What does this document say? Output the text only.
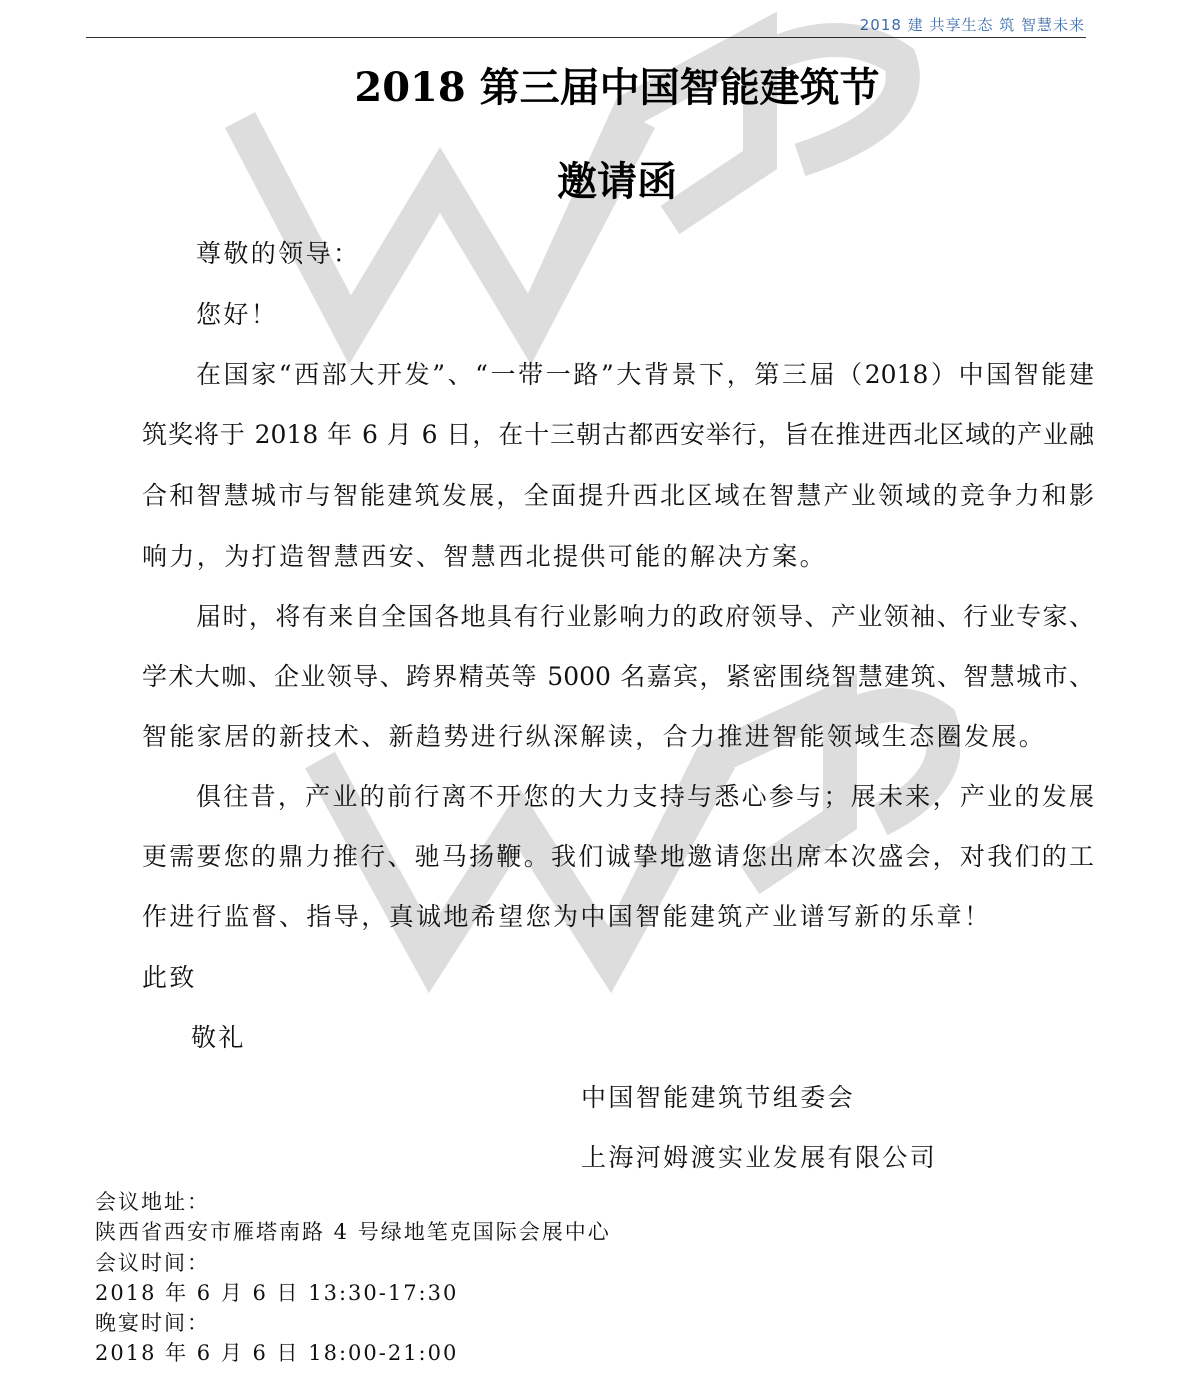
2018 建 共享生态 筑 智慧未来
2018 第三届中国智能建筑节
邀请函
尊敬的领导：
您好！
在国家“西部大开发”、“一带一路”大背景下，第三届（2018）中国智能建
筑奖将于 2018 年 6 月 6 日，在十三朝古都西安举行，旨在推进西北区域的产业融
合和智慧城市与智能建筑发展，全面提升西北区域在智慧产业领域的竞争力和影
响力，为打造智慧西安、智慧西北提供可能的解决方案。
届时，将有来自全国各地具有行业影响力的政府领导、产业领袖、行业专家、
学术大咖、企业领导、跨界精英等 5000 名嘉宾，紧密围绕智慧建筑、智慧城市、
智能家居的新技术、新趋势进行纵深解读，合力推进智能领域生态圈发展。
俱往昔，产业的前行离不开您的大力支持与悉心参与；展未来，产业的发展
更需要您的鼎力推行、驰马扬鞭。我们诚挚地邀请您出席本次盛会，对我们的工
作进行监督、指导，真诚地希望您为中国智能建筑产业谱写新的乐章！
此致
敬礼
中国智能建筑节组委会
上海河姆渡实业发展有限公司
会议地址：
陕西省西安市雁塔南路 4 号绿地笔克国际会展中心
会议时间：
2018 年 6 月 6 日 13:30-17:30
晚宴时间：
2018 年 6 月 6 日 18:00-21:00
